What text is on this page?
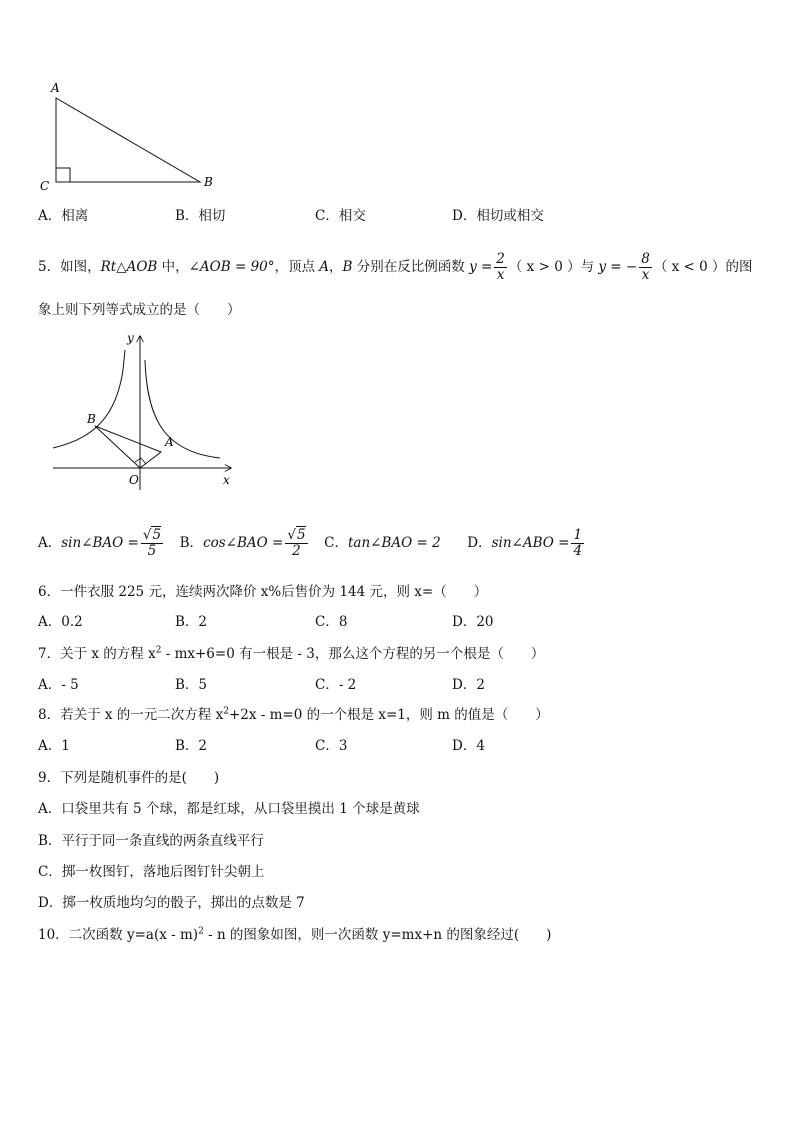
A
C	B
A．相离	B．相切	C．相交	D．相切或相交
5．如图，Rt△AOB 中，∠AOB = 90°，顶点 A，B 分别在反比例函数 $y = \frac{2}{x}$ （ x > 0 ）与 y = − $\frac{8}{x}$ （ x < 0 ）的图
象上则下列等式成立的是（　　）
y
x
O
A
B
A．sin∠BAO = $\frac{√5}{5}$ B．cos∠BAO = $\frac{√5}{2}$ C．tan∠BAO = 2 D．sin∠ABO = $\frac{1}{4}$
6．一件衣服 225 元，连续两次降价 x%后售价为 144 元，则 x=（　　）
A．0.2	B．2	C．8	D．20
7．关于 x 的方程 $x^2 - mx+6=0$ 有一根是 - 3，那么这个方程的另一个根是（　　）
A．- 5	B．5	C．- 2	D．2
8．若关于 x 的一元二次方程 $x^2+2x - m=0$ 的一个根是 x=1，则 m 的值是（　　）
A．1	B．2	C．3	D．4
9．下列是随机事件的是(　　)
A．口袋里共有 5 个球，都是红球，从口袋里摸出 1 个球是黄球
B．平行于同一条直线的两条直线平行
C．掷一枚图钉，落地后图钉针尖朝上
D．掷一枚质地均匀的骰子，掷出的点数是 7
10．二次函数 y=a(x - m)$^2$ - n 的图象如图，则一次函数 y=mx+n 的图象经过(　　)
